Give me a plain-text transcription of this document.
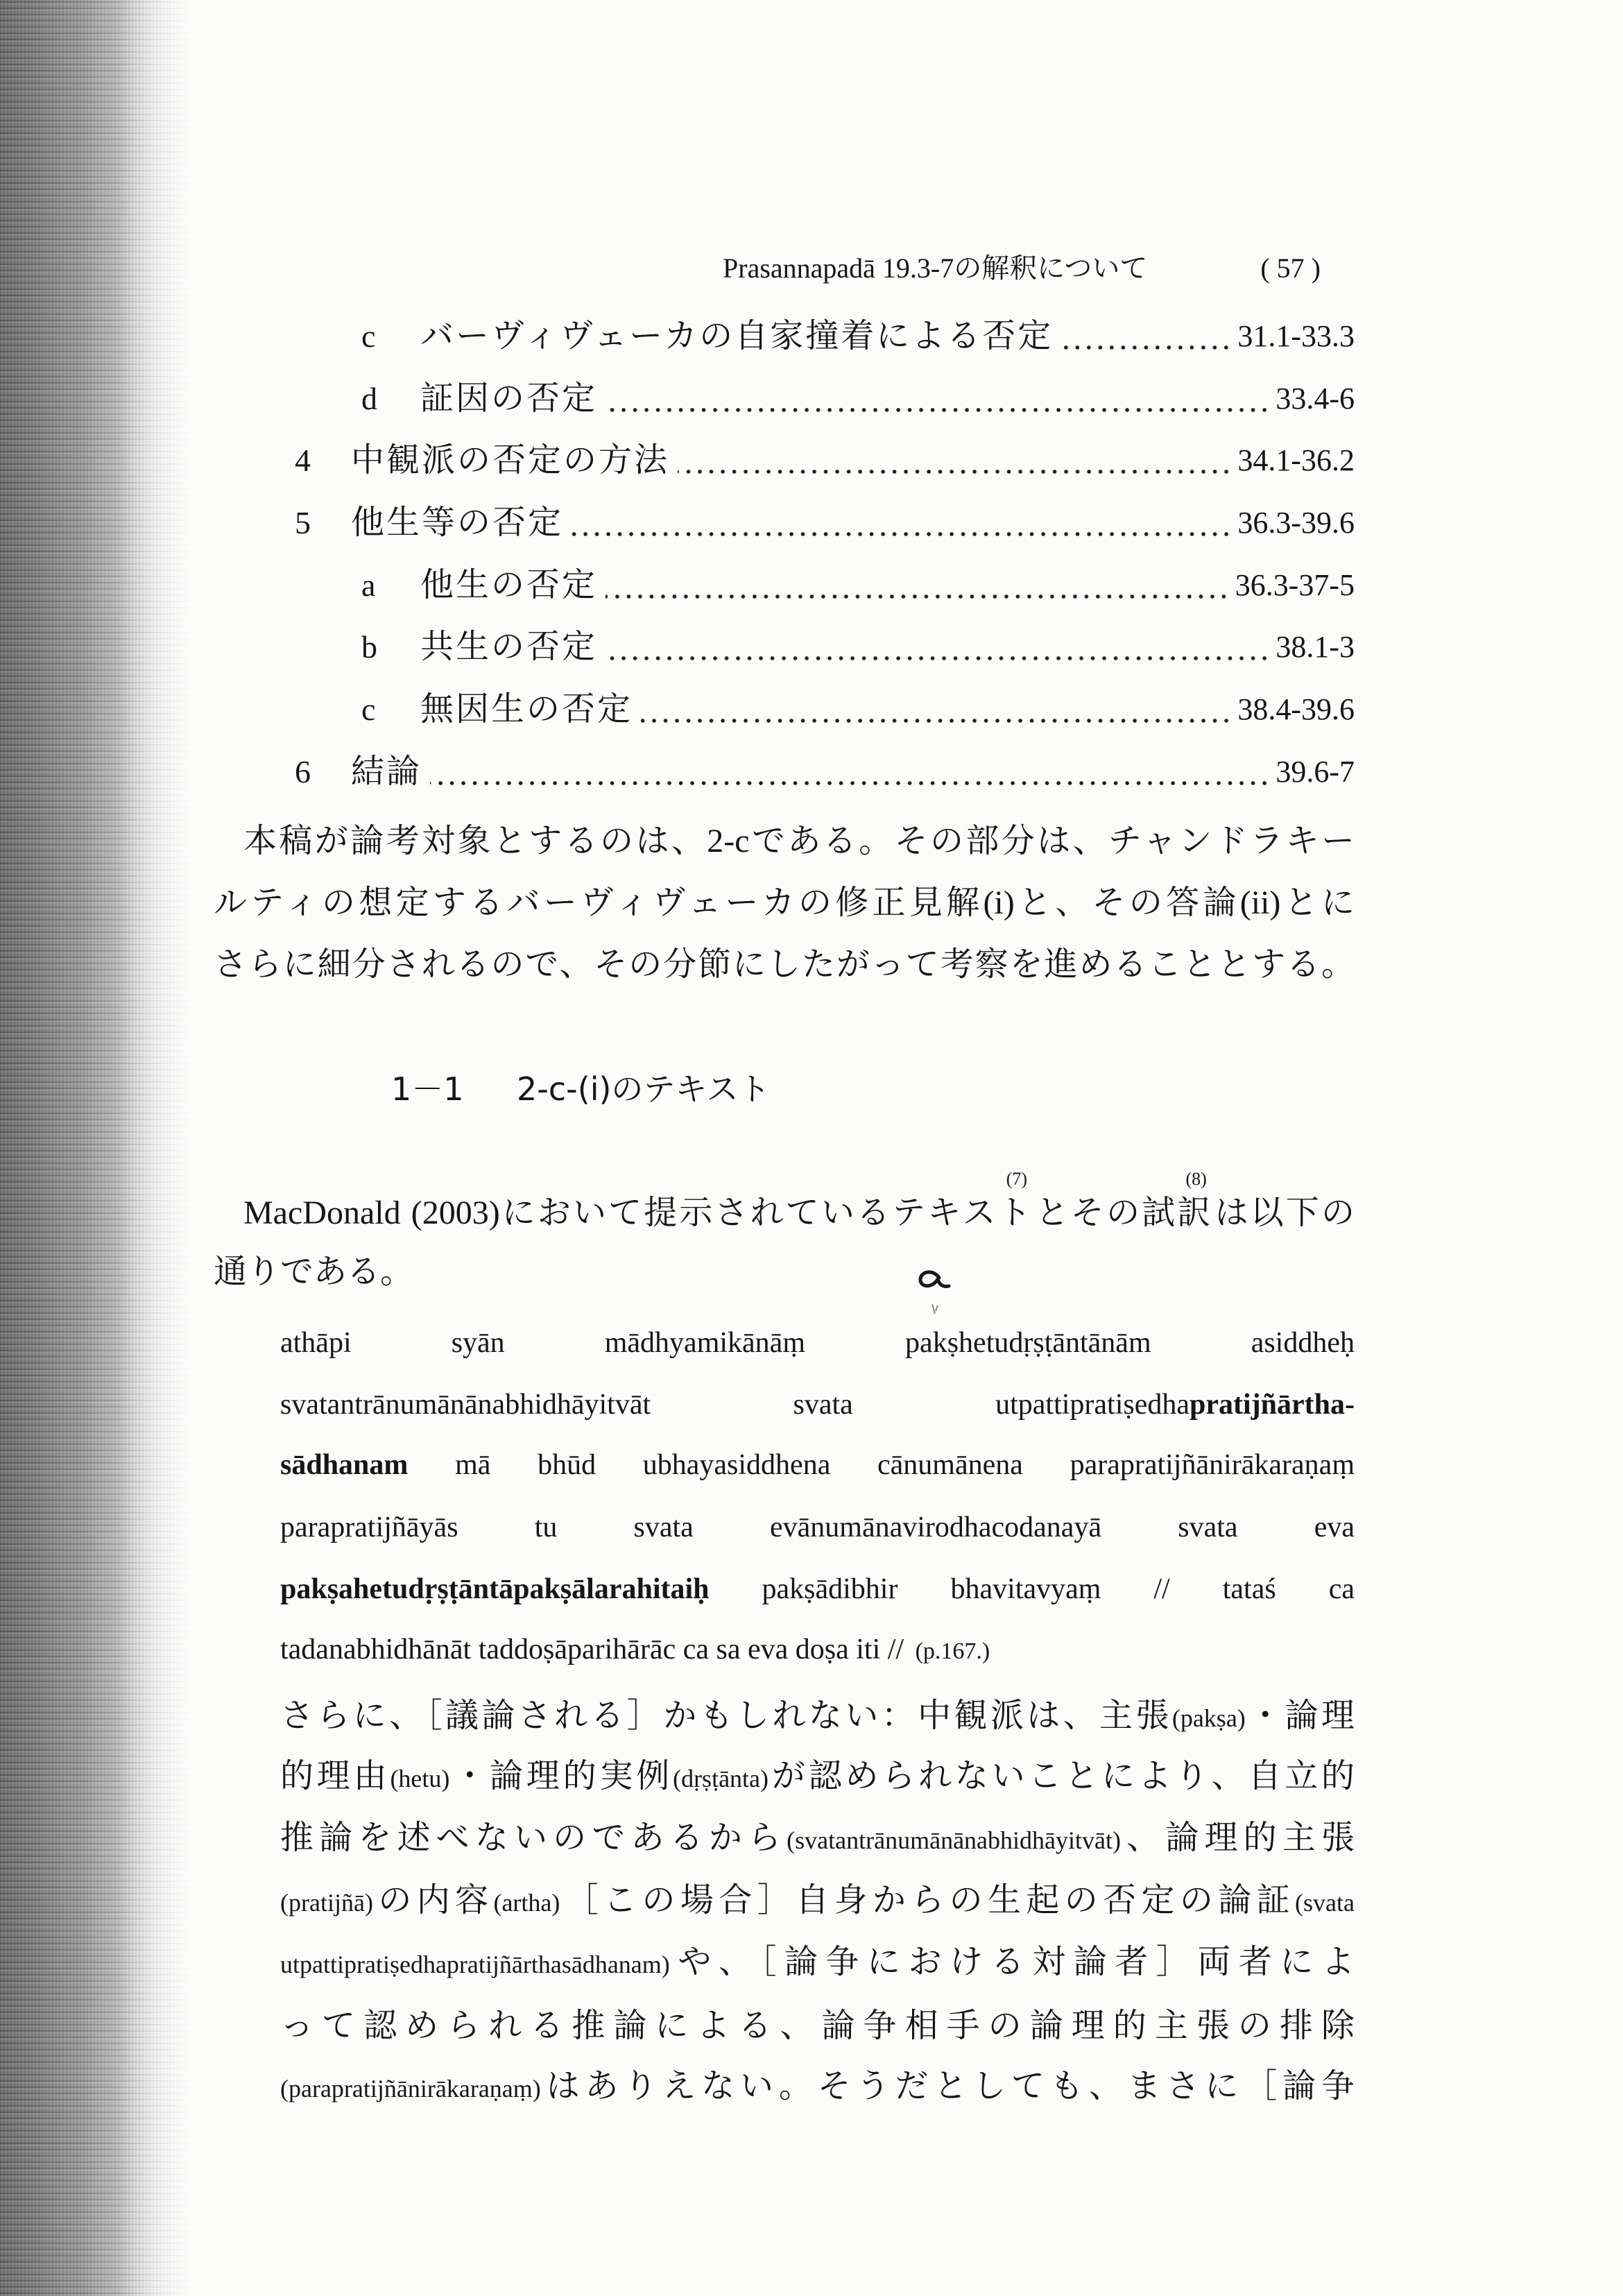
Prasannapadā 19.3-7の解釈について	( 57 )
c	バーヴィヴェーカの自家撞着による否定	31.1-33.3
d	証因の否定	33.4-6
4	中観派の否定の方法	34.1-36.2
5	他生等の否定	36.3-39.6
a	他生の否定	36.3-37-5
b	共生の否定	38.1-3
c	無因生の否定	38.4-39.6
6	結論	39.6-7
本稿が論考対象とするのは、2-cである。その部分は、チャンドラキー
ルティの想定するバーヴィヴェーカの修正見解(i)と、その答論(ii)とに
さらに細分されるので、その分節にしたがって考察を進めることとする。
1－1 2-c-(i)のテキスト
MacDonald (2003)において提示されているテキスト
(7)
とその試訳
(8)
は以下の
通りである。
athāpi syān mādhyamikānāṃ pakṣhetudṛṣṭāntānām asiddheḥ
svatantrānumānānabhidhāyitvāt svata utpattipratiṣedhapratijñārtha-
sādhanam mā bhūd ubhayasiddhena cānumānena parapratijñānirākaraṇaṃ
parapratijñāyās tu svata evānumānavirodhacodanayā svata eva
pakṣahetudṛṣṭāntāpakṣālarahitaiḥ pakṣādibhir bhavitavyaṃ // tataś ca
tadanabhidhānāt taddoṣāparihārāc ca sa eva doṣa iti // (p.167.)
さらに、［議論される］かもしれない：中観派は、主張(pakṣa)・論理
的理由(hetu)・論理的実例(dṛṣṭānta)が認められないことにより、自立的
推論を述べないのであるから(svatantrānumānānabhidhāyitvāt)、論理的主張
(pratijñā)の内容(artha)［この場合］自身からの生起の否定の論証(svata
utpattipratiṣedhapratijñārthasādhanam)や、［論争における対論者］両者によ
って認められる推論による、論争相手の論理的主張の排除
(parapratijñānirākaraṇaṃ)はありえない。そうだとしても、まさに［論争
